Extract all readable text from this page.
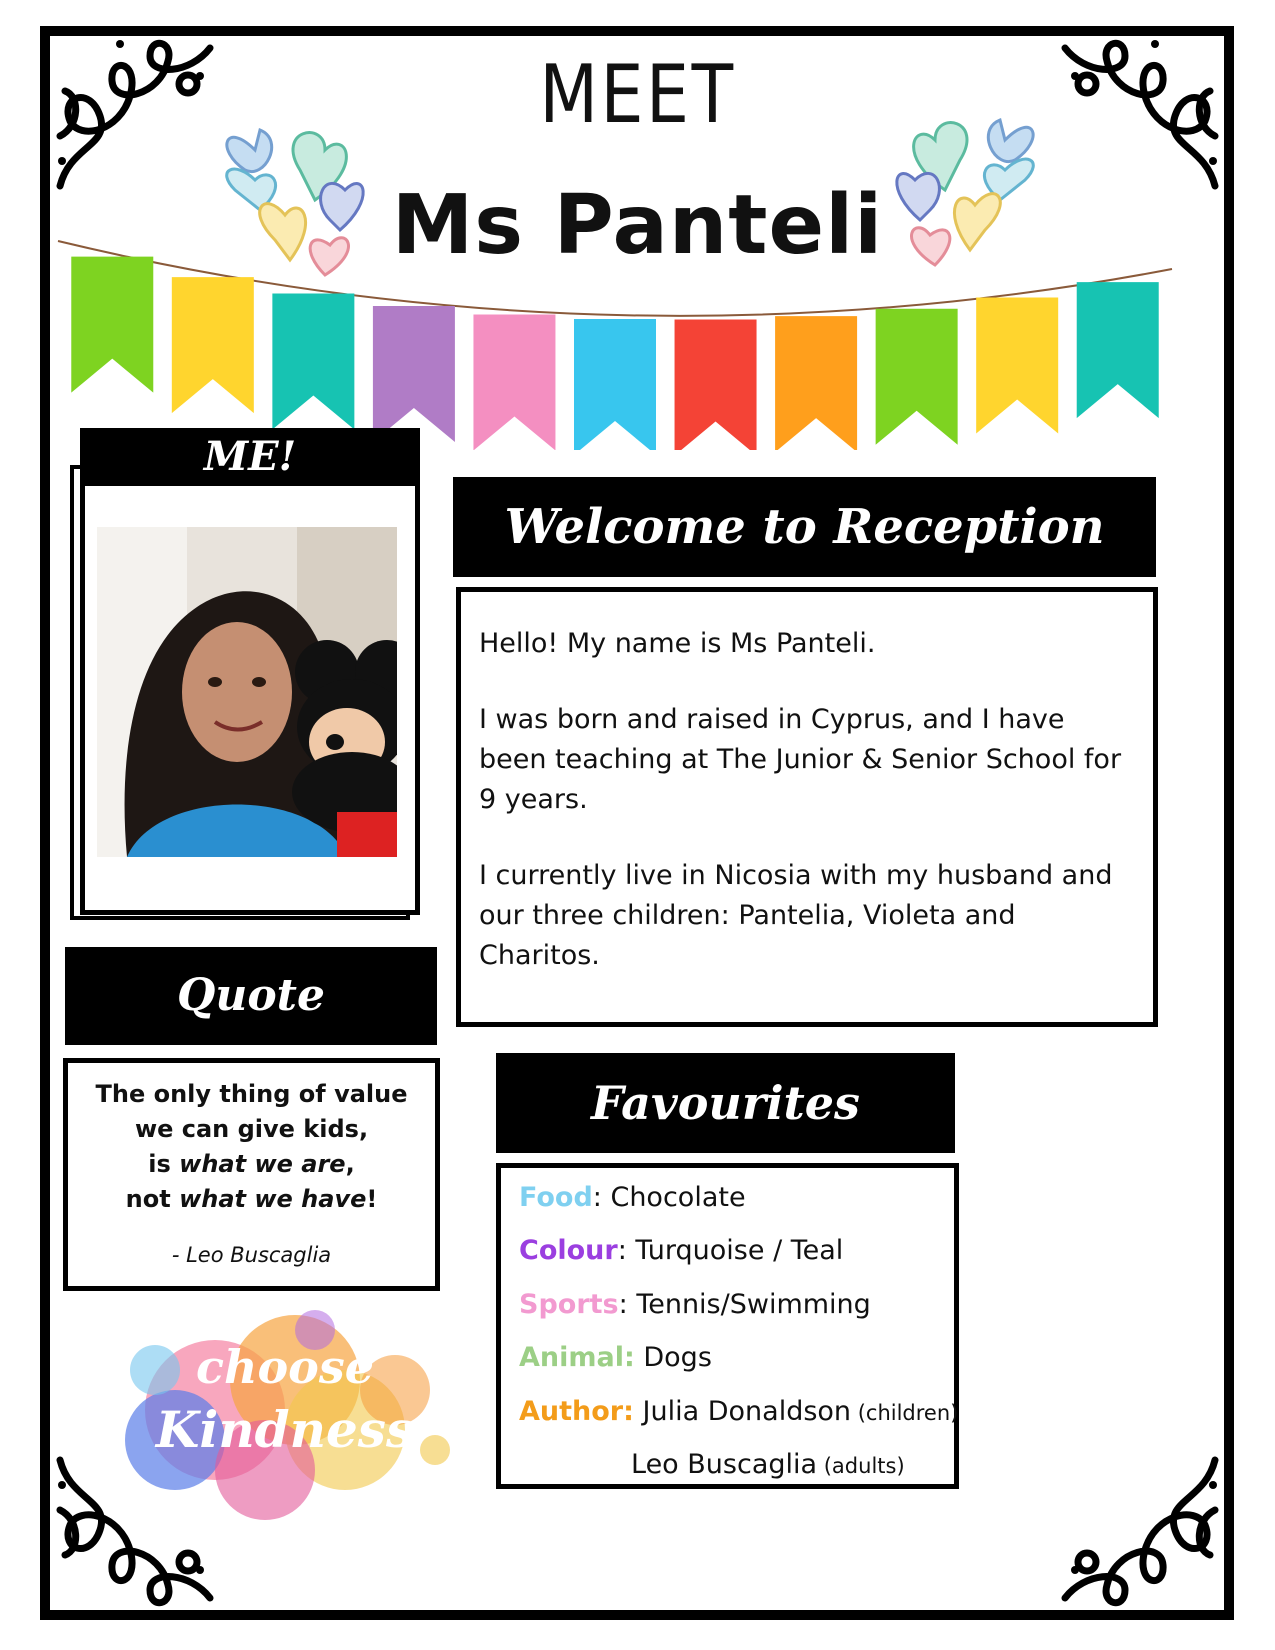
MEET
Ms Panteli
ME!
Quote
The only thing of value
we can give kids,
is what we are,
not what we have!
- Leo Buscaglia
choose
Kindness
Welcome to Reception
Hello! My name is Ms Panteli.
I was born and raised in Cyprus, and I have been teaching at The Junior & Senior School for 9 years.
I currently live in Nicosia with my husband and our three children: Pantelia, Violeta and Charitos.
Favourites
Food: Chocolate
Colour: Turquoise / Teal
Sports: Tennis/Swimming
Animal: Dogs
Author: Julia Donaldson (children)
Leo Buscaglia (adults)
